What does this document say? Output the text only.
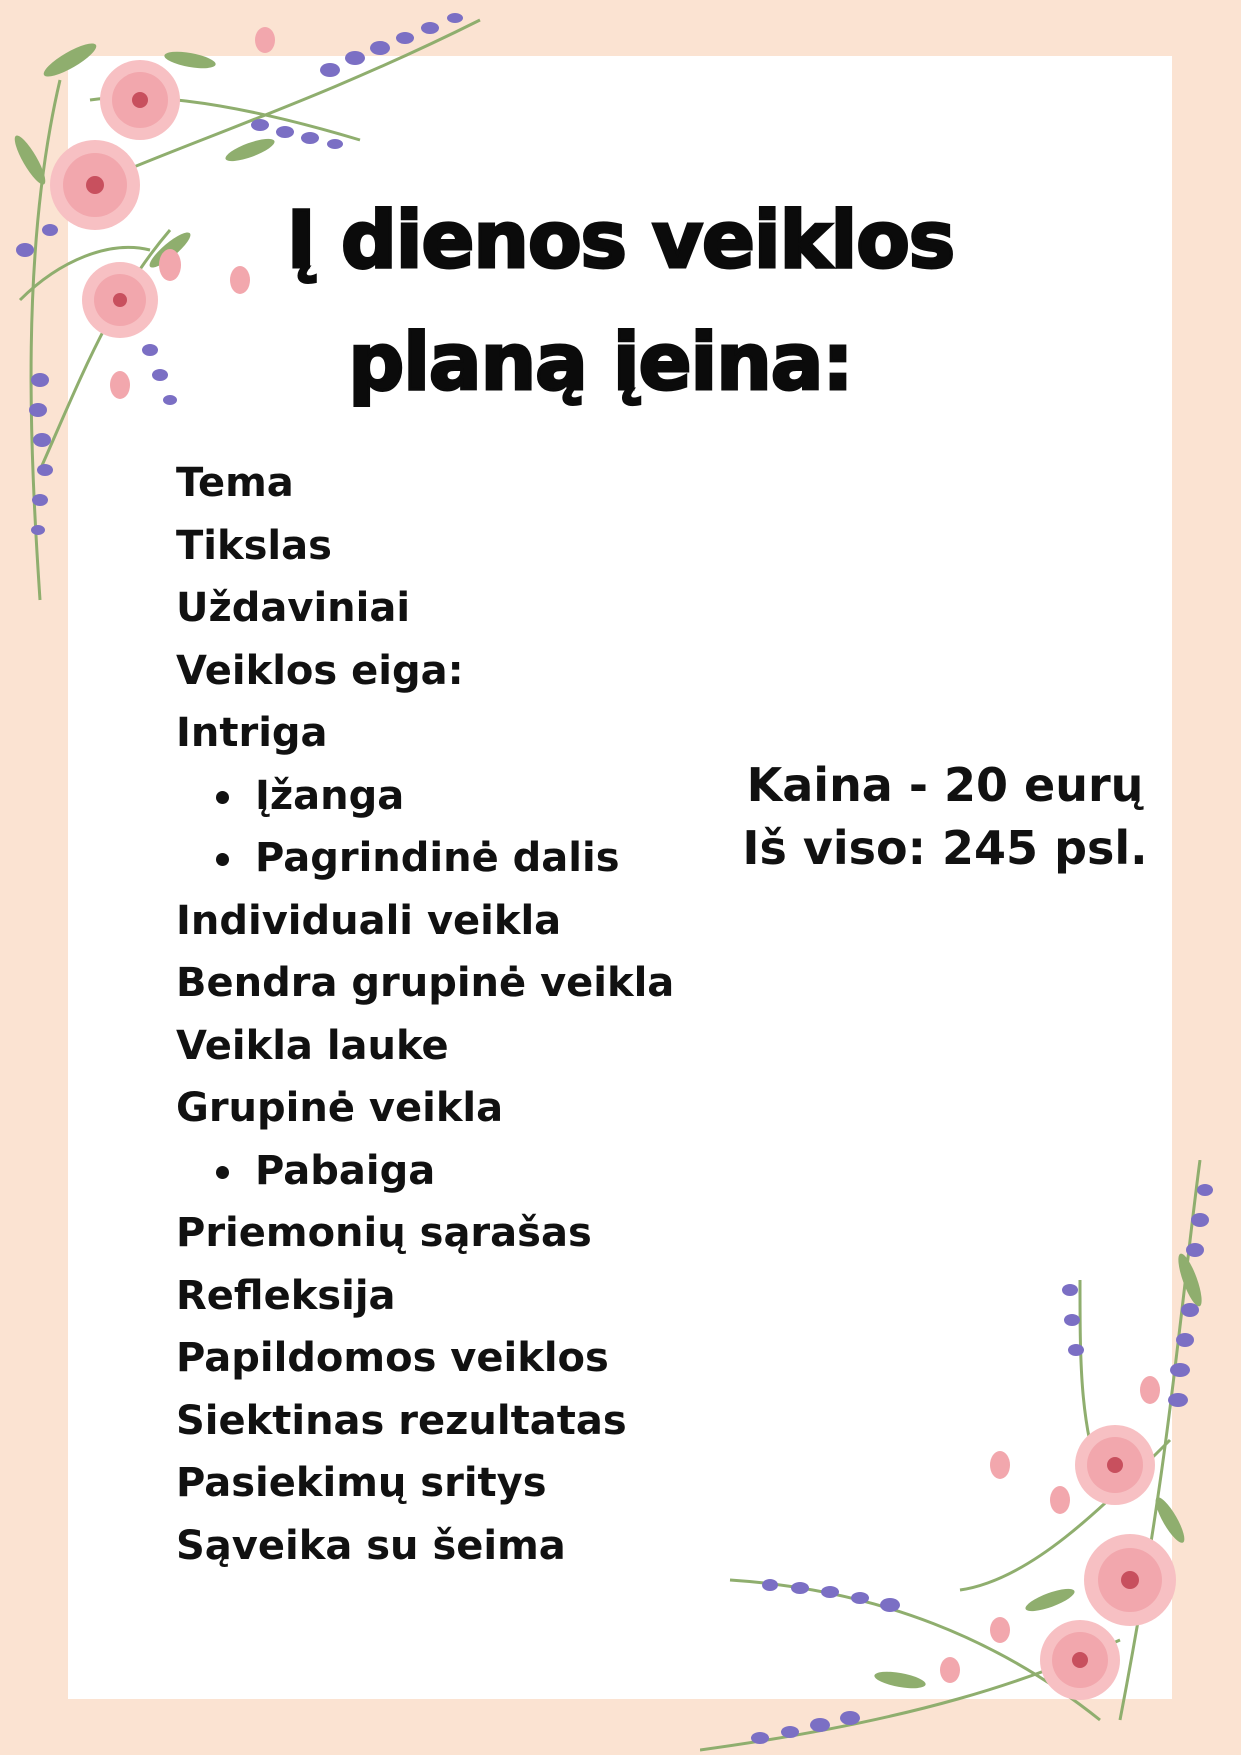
Į dienos veiklos
planą įeina:
Tema
Tikslas
Uždaviniai
Veiklos eiga:
Intriga
Įžanga
Pagrindinė dalis
Individuali veikla
Bendra grupinė veikla
Veikla lauke
Grupinė veikla
Pabaiga
Priemonių sąrašas
Refleksija
Papildomos veiklos
Siektinas rezultatas
Pasiekimų sritys
Sąveika su šeima
Kaina - 20 eurų
Iš viso: 245 psl.
